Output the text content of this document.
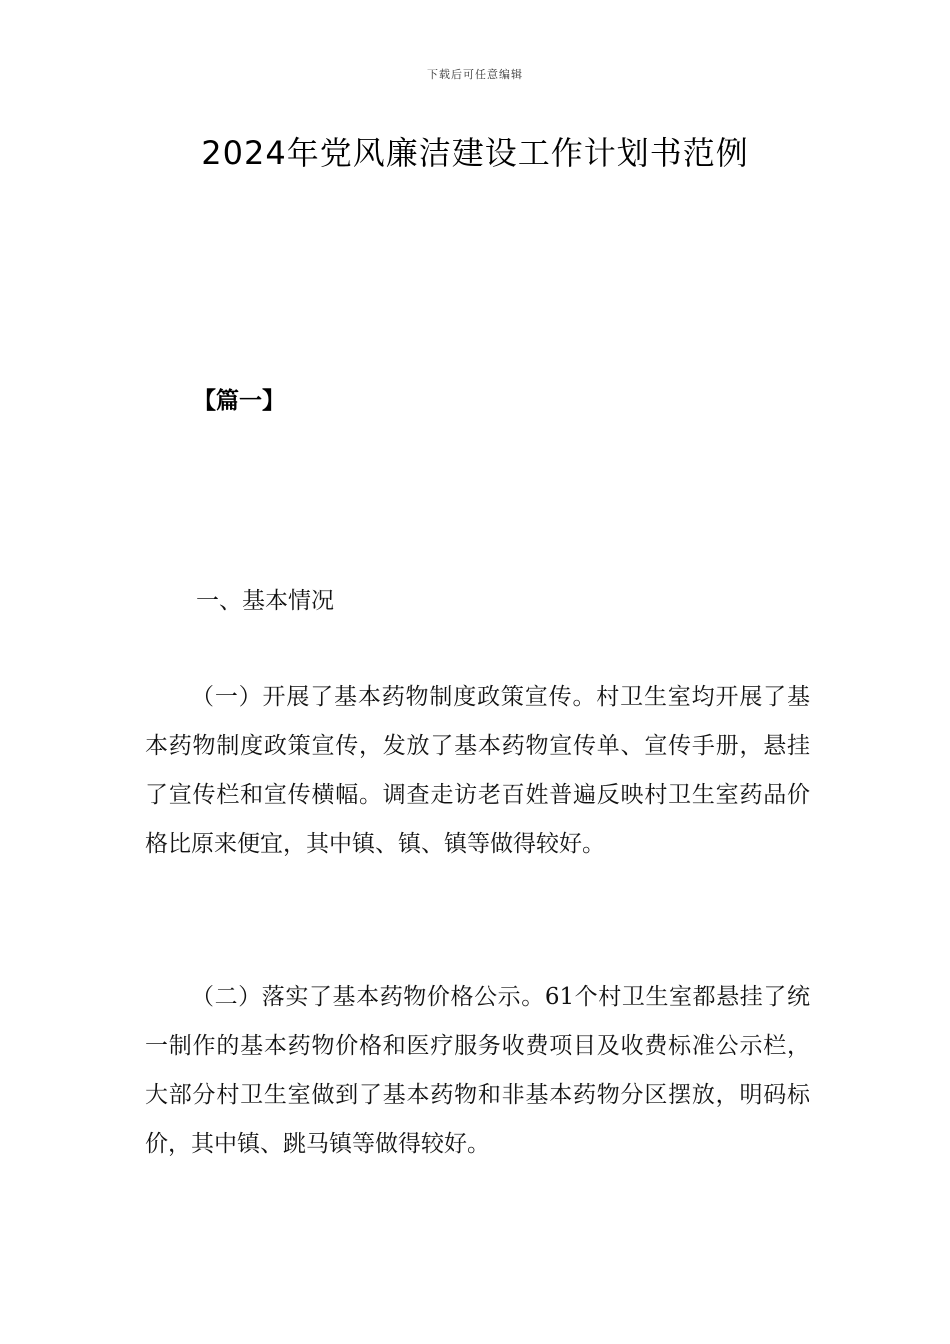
下载后可任意编辑
2024年党风廉洁建设工作计划书范例
【篇一】
一、基本情况

（一）开展了基本药物制度政策宣传。村卫生室均开展了基本药物制度政策宣传，发放了基本药物宣传单、宣传手册，悬挂了宣传栏和宣传横幅。调查走访老百姓普遍反映村卫生室药品价格比原来便宜，其中镇、镇、镇等做得较好。

（二）落实了基本药物价格公示。61个村卫生室都悬挂了统一制作的基本药物价格和医疗服务收费项目及收费标准公示栏，大部分村卫生室做到了基本药物和非基本药物分区摆放，明码标价，其中镇、跳马镇等做得较好。
